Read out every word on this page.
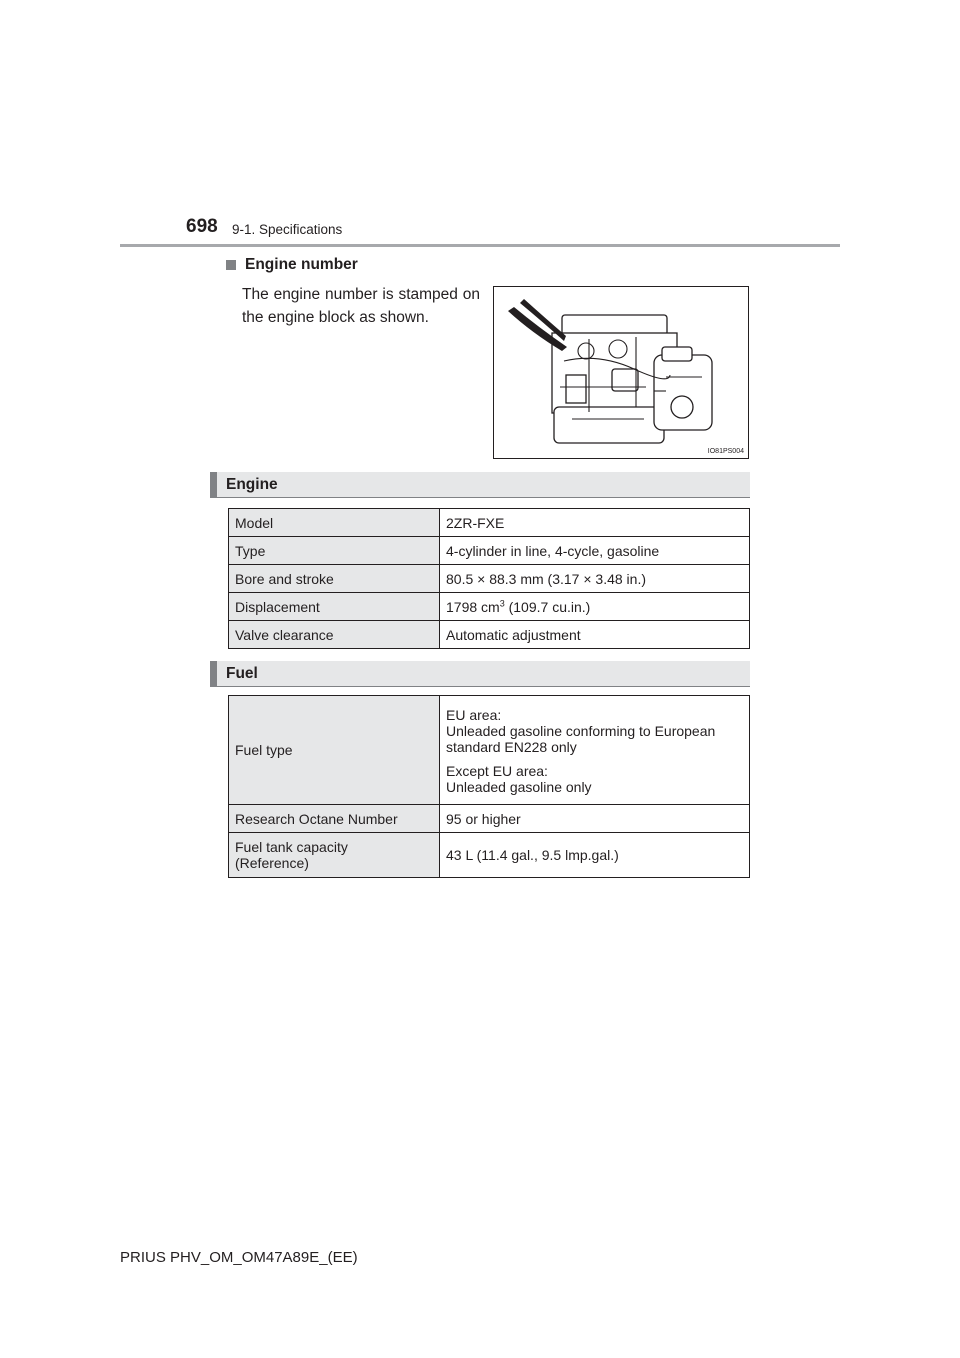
698 9-1. Specifications
Engine number
The engine number is stamped on the engine block as shown.
IO81PS004
Engine
Model	2ZR-FXE
Type	4-cylinder in line, 4-cycle, gasoline
Bore and stroke	80.5 × 88.3 mm (3.17 × 3.48 in.)
Displacement	1798 $cm^3$ (109.7 cu.in.)
Valve clearance	Automatic adjustment
Fuel
Fuel type	EU area:
Unleaded gasoline conforming to European standard EN228 only
Except EU area:
Unleaded gasoline only

Research Octane Number	95 or higher

Fuel tank capacity
(Reference)	43 L (11.4 gal., 9.5 lmp.gal.)
PRIUS PHV_OM_OM47A89E_(EE)
